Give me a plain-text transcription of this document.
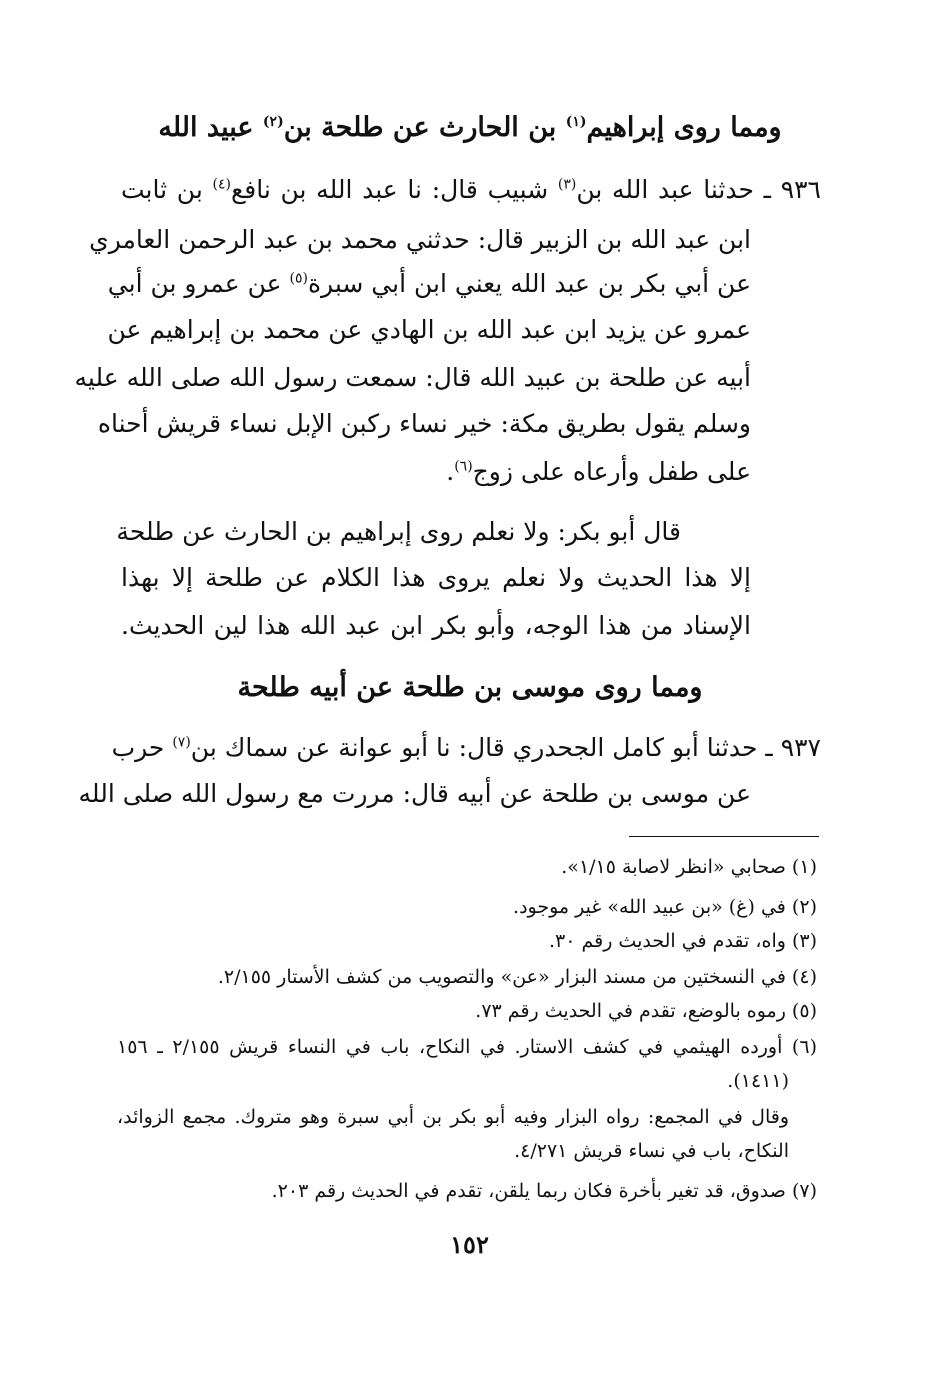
ومما روى إبراهيم$^{(١)}$ بن الحارث عن طلحة بن$^{(٢)}$ عبيد الله

٩٣٦ ـ حدثنا عبد الله بن$^{(٣)}$ شبيب قال: نا عبد الله بن نافع$^{(٤)}$ بن ثابت

ابن عبد الله بن الزبير قال: حدثني محمد بن عبد الرحمن العامري

عن أبي بكر بن عبد الله يعني ابن أبي سبرة$^{(٥)}$ عن عمرو بن أبي

عمرو عن يزيد ابن عبد الله بن الهادي عن محمد بن إبراهيم عن

أبيه عن طلحة بن عبيد الله قال: سمعت رسول الله صلى الله عليه

وسلم يقول بطريق مكة: خير نساء ركبن الإبل نساء قريش أحناه

على طفل وأرعاه على زوج$^{(٦)}$.

قال أبو بكر: ولا نعلم روى إبراهيم بن الحارث عن طلحة

إلا هذا الحديث ولا نعلم يروى هذا الكلام عن طلحة إلا بهذا

الإسناد من هذا الوجه، وأبو بكر ابن عبد الله هذا لين الحديث.

ومما روى موسى بن طلحة عن أبيه طلحة

٩٣٧ ـ حدثنا أبو كامل الجحدري قال: نا أبو عوانة عن سماك بن$^{(٧)}$ حرب

عن موسى بن طلحة عن أبيه قال: مررت مع رسول الله صلى الله

(١) صحابي «انظر لاصابة ١/١٥».

(٢) في (غ) «بن عبيد الله» غير موجود.

(٣) واه، تقدم في الحديث رقم ٣٠.

(٤) في النسختين من مسند البزار «عن» والتصويب من كشف الأستار ٢/١٥٥.

(٥) رموه بالوضع، تقدم في الحديث رقم ٧٣.

(٦) أورده الهيثمي في كشف الاستار. في النكاح، باب في النساء قريش ٢/١٥٥ ـ ١٥٦

(١٤١١).

وقال في المجمع: رواه البزار وفيه أبو بكر بن أبي سبرة وهو متروك. مجمع الزوائد،

النكاح، باب في نساء قريش ٤/٢٧١.

(٧) صدوق، قد تغير بأخرة فكان ربما يلقن، تقدم في الحديث رقم ٢٠٣.

١٥٢
